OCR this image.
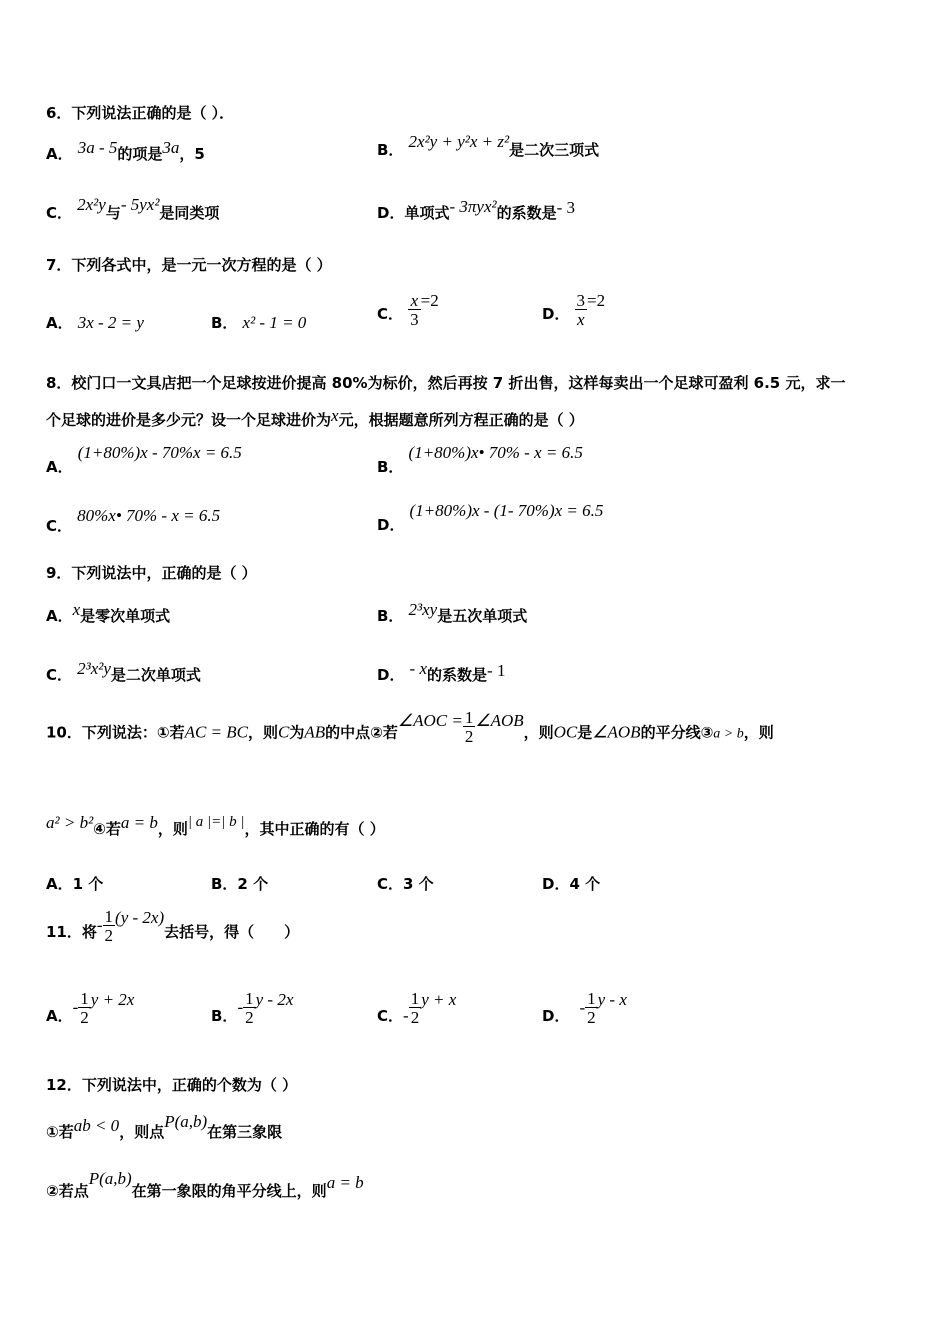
6．下列说法正确的是（ ）．
A． 3a - 5的项是3a，5	B． 2x²y + y²x + z²是二次三项式
C． 2x²y与- 5yx²是同类项	D．单项式- 3πyx²的系数是- 3
7．下列各式中，是一元一次方程的是（ ）
A． 3x - 2 = y	B． x² - 1 = 0	C． $\frac{x}{3} =2$
D． $\frac{3}{x} =2$
8．校门口一文具店把一个足球按进价提高 80%为标价，然后再按 7 折出售，这样每卖出一个足球可盈利 6.5 元，求一
个足球的进价是多少元？设一个足球进价为x元，根据题意所列方程正确的是（ ）
A． (1+80%)x - 70%x = 6.5
B． (1+80%)x• 70% - x = 6.5
C． 80%x• 70% - x = 6.5	D． (1+80%)x - (1- 70%)x = 6.5
9．下列说法中，正确的是（ ）
A．x是零次单项式	B． 2³xy是五次单项式
C． 2³x²y是二次单项式	D． - x的系数是- 1
10．下列说法：①若AC = BC，则C为AB的中点②若∠AOC = $\frac{1}{2}$ ∠AOB，则OC是∠AOB的平分线③a > b，则
a² > b²④若a = b，则| a |=| b |，其中正确的有（ ）
A．1 个	B．2 个	C．3 个	D．4 个
11．将- $\frac{1}{2} (y - 2x)$去括号，得（　　）
A．- $\frac{1}{2}$ y + 2x
B．- $\frac{1}{2}$ y - 2x
C．- $\frac{1}{2}$ y + x
D． - $\frac{1}{2}$ y - x
12．下列说法中，正确的个数为（ ）
①若ab < 0，则点P(a,b)在第三象限
②若点P(a,b)在第一象限的角平分线上，则a = b
